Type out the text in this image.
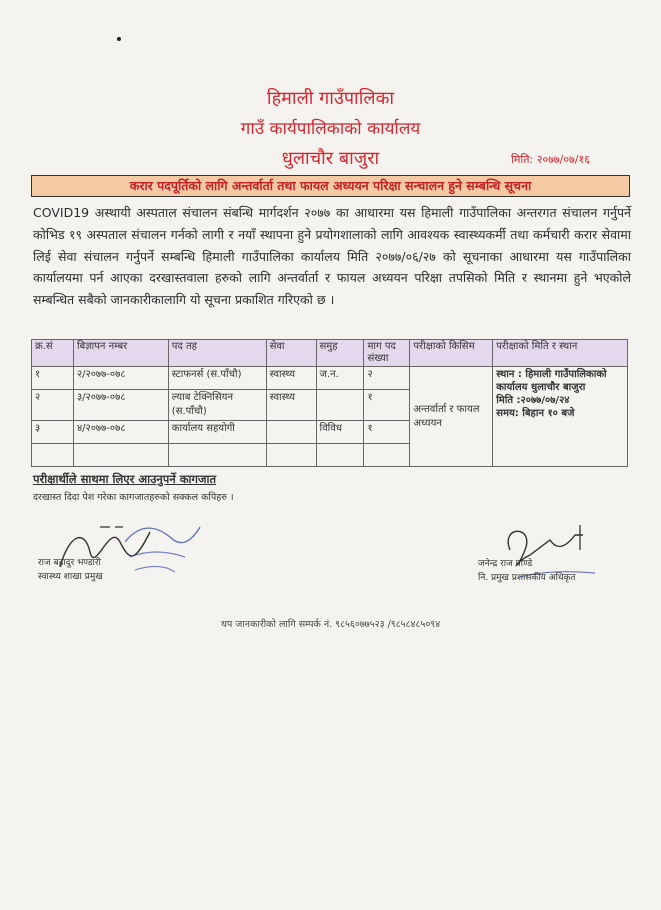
हिमाली गाउँपालिका
गाउँ कार्यपालिकाको कार्यालय
धुलाचौर बाजुरा	मिति: २०७७/०७/१६
करार पदपूर्तिको लागि अन्तर्वार्ता तथा फायल अध्ययन परिक्षा सन्चालन हुने सम्बन्धि सूचना
COVID19 अस्थायी अस्पताल संचालन संबन्धि मार्गदर्शन २०७७ का आधारमा यस हिमाली गाउँपालिका अन्तरगत संचालन गर्नुपर्ने कोभिड १९ अस्पताल संचालन गर्नको लागी र नयाँ स्थापना हुने प्रयोगशालाको लागि आवश्यक स्वास्थ्यकर्मी तथा कर्मचारी करार सेवामा लिई सेवा संचालन गर्नुपर्ने सम्बन्धि हिमाली गाउँपालिका कार्यालय मिति २०७७/०६/२७ को सूचनाका आधारमा यस गाउँपालिका कार्यालयमा पर्न आएका दरखास्तवाला हरुको लागि अन्तर्वार्ता र फायल अध्ययन परिक्षा तपसिको मिति र स्थानमा हुने भएकोले सम्बन्धित सबैको जानकारीकालागि यो सूचना प्रकाशित गरिएको छ ।
क्र.सं	बिज्ञापन नम्बर	पद तह	सेवा	समुह	माग पद संख्या	परीक्षाको किसिम	परीक्षाको मिति र स्थान
१	२/२०७७-०७८	स्टाफनर्स (स.पाँचौ)	स्वास्थ्य	ज.न.	२	अन्तर्वार्ता र फायल अध्ययन	स्थान : हिमाली गाउँपालिकाको कार्यालय धुलाचौर बाजुरा
मिति :२०७७/०७/२४
समय: बिहान १० बजे

२	३/२०७७-०७८	ल्याब टेक्निसियन (स.पाँचौ)	स्वास्थ्य		१		
३	४/२०७७-०७८	कार्यालय सहयोगी		विविध	१		

परीक्षार्थीले साथमा लिएर आउनुपर्ने कागजात
दरखास्त दिदा पेश गरेका कागजातहरुको सक्कल कपिहरु ।
राज बहादुर भण्डारी
स्वास्थ्य शाखा प्रमुख
जनेन्द्र राज पाण्डे
नि. प्रमुख प्रशासकीय अधिकृत
थप जानकारीको लागि सम्पर्क नं. ९८५६०७७५२३ /९८५८४८५०९४
